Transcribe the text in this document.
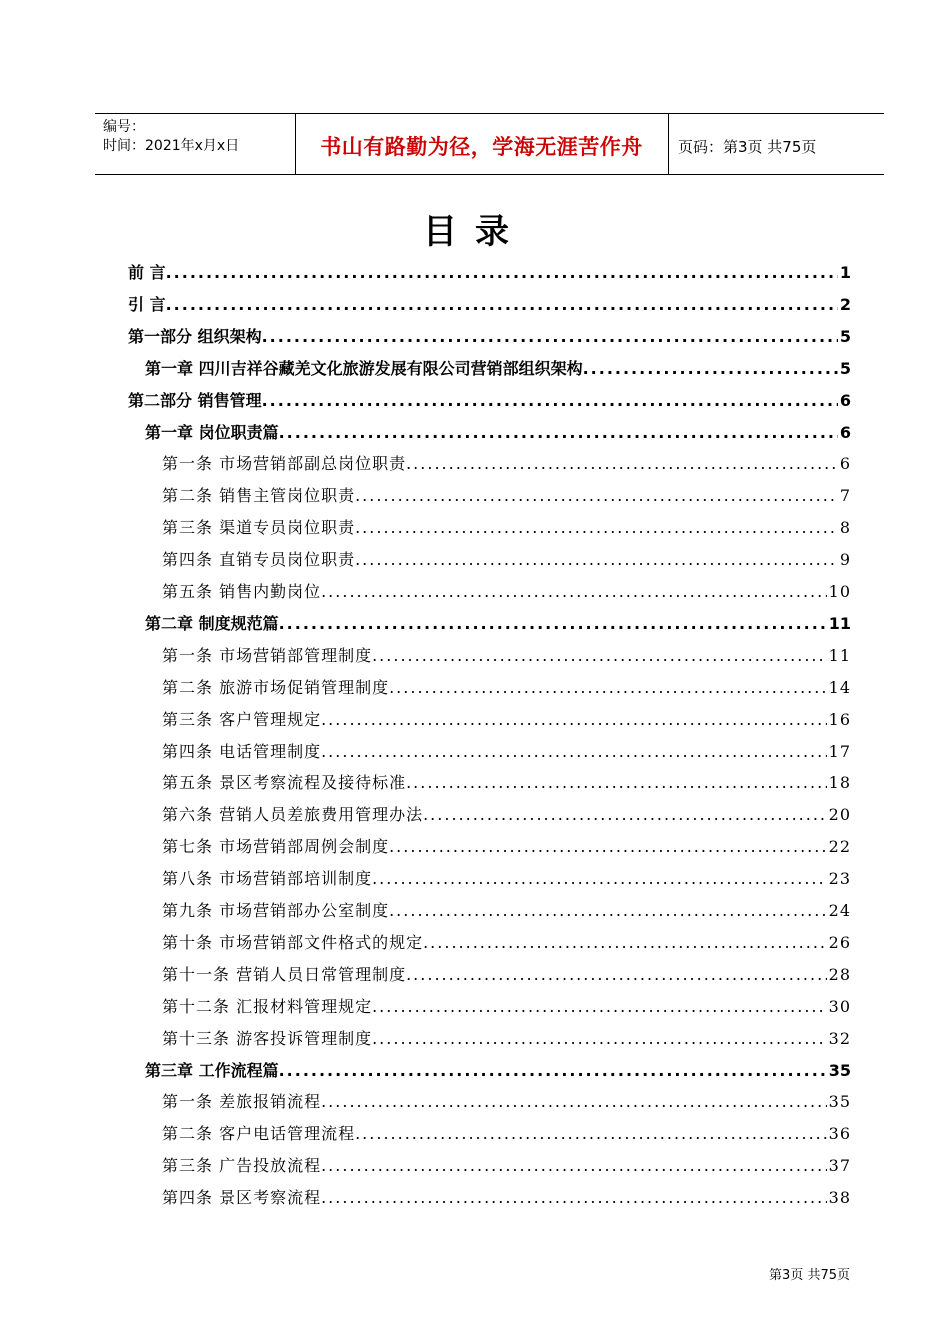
编号：
时间：2021年x月x日	书山有路勤为径，学海无涯苦作舟	页码：第3页 共75页
目录
前 言 .....	1
引 言 .....	2
第一部分 组织架构 .....	5
第一章 四川吉祥谷藏羌文化旅游发展有限公司营销部组织架构 .....	5
第二部分 销售管理 .....	6
第一章 岗位职责篇 .....	6
第一条 市场营销部副总岗位职责 .....	6
第二条 销售主管岗位职责 .....	7
第三条 渠道专员岗位职责 .....	8
第四条 直销专员岗位职责 .....	9
第五条 销售内勤岗位 .....	10
第二章 制度规范篇 .....	11
第一条 市场营销部管理制度 .....	11
第二条 旅游市场促销管理制度 .....	14
第三条 客户管理规定 .....	16
第四条 电话管理制度 .....	17
第五条 景区考察流程及接待标准 .....	18
第六条 营销人员差旅费用管理办法 .....	20
第七条 市场营销部周例会制度 .....	22
第八条 市场营销部培训制度 .....	23
第九条 市场营销部办公室制度 .....	24
第十条 市场营销部文件格式的规定 .....	26
第十一条 营销人员日常管理制度 .....	28
第十二条 汇报材料管理规定 .....	30
第十三条 游客投诉管理制度 .....	32
第三章 工作流程篇 .....	35
第一条 差旅报销流程 .....	35
第二条 客户电话管理流程 .....	36
第三条 广告投放流程 .....	37
第四条 景区考察流程 .....	38
第3页 共75页
